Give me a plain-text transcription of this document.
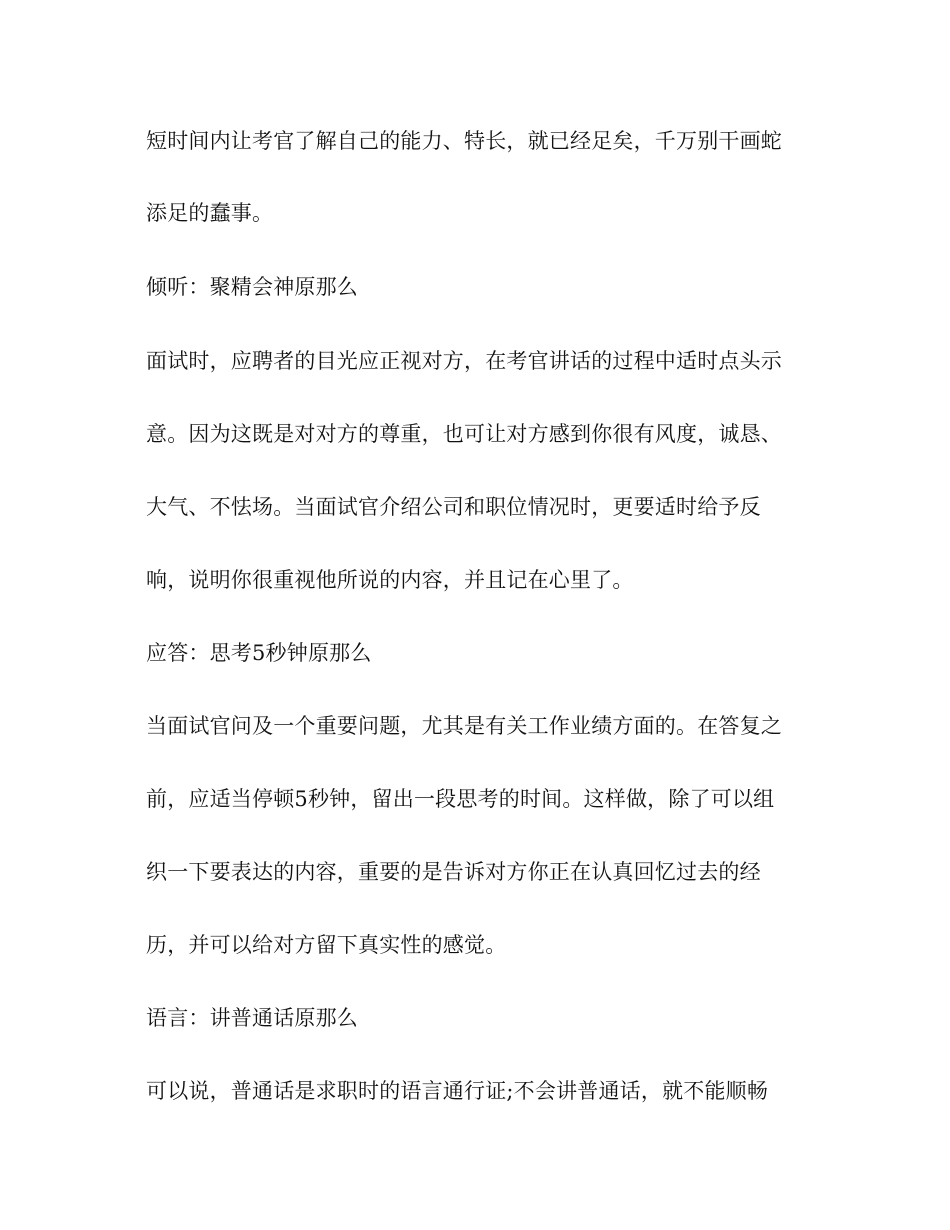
短时间内让考官了解自己的能力、特长，就已经足矣，千万别干画蛇
添足的蠢事。
倾听：聚精会神原那么
面试时，应聘者的目光应正视对方，在考官讲话的过程中适时点头示
意。因为这既是对对方的尊重，也可让对方感到你很有风度，诚恳、
大气、不怯场。当面试官介绍公司和职位情况时，更要适时给予反
响，说明你很重视他所说的内容，并且记在心里了。
应答：思考5秒钟原那么
当面试官问及一个重要问题，尤其是有关工作业绩方面的。在答复之
前，应适当停顿5秒钟，留出一段思考的时间。这样做，除了可以组
织一下要表达的内容，重要的是告诉对方你正在认真回忆过去的经
历，并可以给对方留下真实性的感觉。
语言：讲普通话原那么
可以说，普通话是求职时的语言通行证;不会讲普通话，就不能顺畅
